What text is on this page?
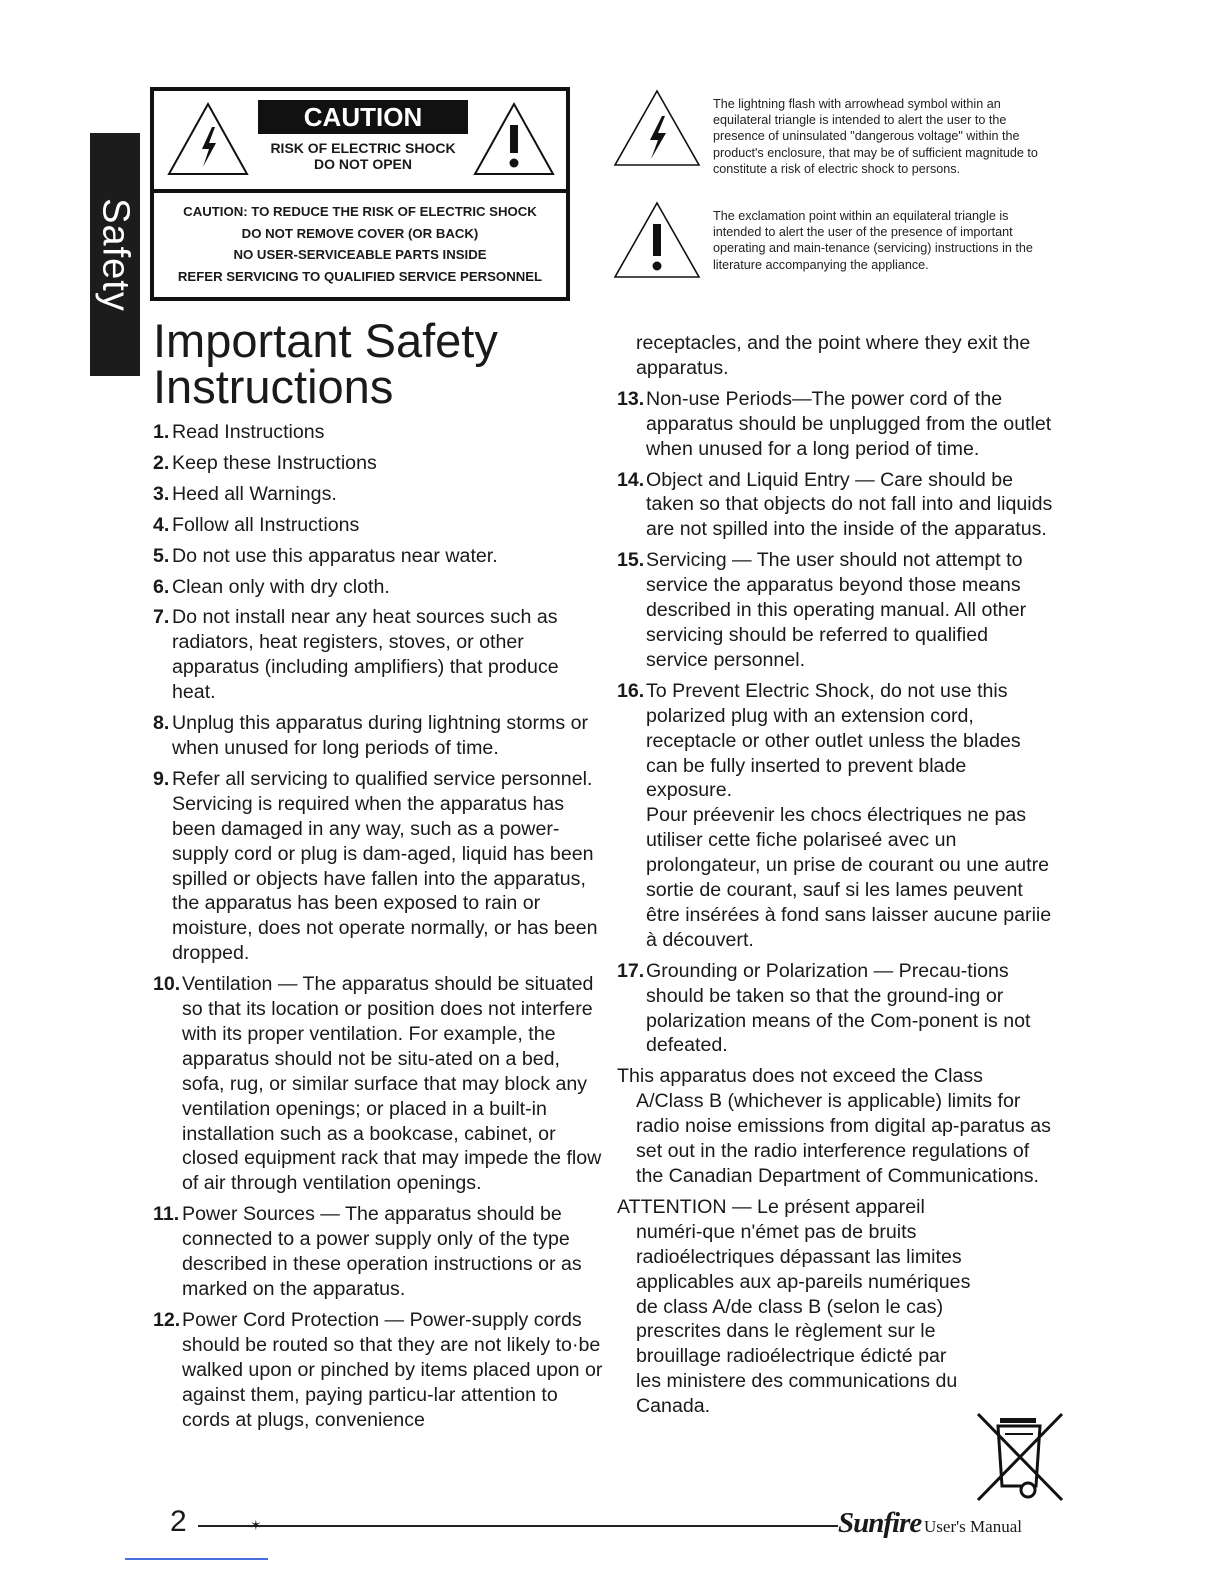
Safety
CAUTION
RISK OF ELECTRIC SHOCK
DO NOT OPEN
CAUTION: TO REDUCE THE RISK OF ELECTRIC SHOCK
DO NOT REMOVE COVER (OR BACK)
NO USER-SERVICEABLE PARTS INSIDE
REFER SERVICING TO QUALIFIED SERVICE PERSONNEL
The lightning flash with arrowhead symbol within an equilateral triangle is intended to alert the user to the presence of uninsulated "dangerous voltage" within the product's enclosure, that may be of sufficient magnitude to constitute a risk of electric shock to persons.
The exclamation point within an equilateral triangle is intended to alert the user of the presence of important operating and main-tenance (servicing) instructions in the literature accompanying the appliance.
Important Safety Instructions
1. Read Instructions
2. Keep these Instructions
3. Heed all Warnings.
4. Follow all Instructions
5. Do not use this apparatus near water.
6. Clean only with dry cloth.
7. Do not install near any heat sources such as radiators, heat registers, stoves, or other apparatus (including amplifiers) that produce heat.
8. Unplug this apparatus during lightning storms or when unused for long periods of time.
9. Refer all servicing to qualified service personnel. Servicing is required when the apparatus has been damaged in any way, such as a power-supply cord or plug is dam-aged, liquid has been spilled or objects have fallen into the apparatus, the apparatus has been exposed to rain or moisture, does not operate normally, or has been dropped.
10. Ventilation — The apparatus should be situated so that its location or position does not interfere with its proper ventilation. For example, the apparatus should not be situ-ated on a bed, sofa, rug, or similar surface that may block any ventilation openings; or placed in a built-in installation such as a bookcase, cabinet, or closed equipment rack that may impede the flow of air through ventilation openings.
11. Power Sources — The apparatus should be connected to a power supply only of the type described in these operation instructions or as marked on the apparatus.
12. Power Cord Protection — Power-supply cords should be routed so that they are not likely to·be walked upon or pinched by items placed upon or against them, paying particu-lar attention to cords at plugs, convenience
receptacles, and the point where they exit the apparatus.
13. Non-use Periods—The power cord of the apparatus should be unplugged from the outlet when unused for a long period of time.
14. Object and Liquid Entry — Care should be taken so that objects do not fall into and liquids are not spilled into the inside of the apparatus.
15. Servicing — The user should not attempt to service the apparatus beyond those means described in this operating manual. All other servicing should be referred to qualified service personnel.
16. To Prevent Electric Shock, do not use this polarized plug with an extension cord, receptacle or other outlet unless the blades can be fully inserted to prevent blade exposure.
Pour préevenir les chocs électriques ne pas utiliser cette fiche polariseé avec un prolongateur, un prise de courant ou une autre sortie de courant, sauf si les lames peuvent être insérées à fond sans laisser aucune pariie à découvert.
17. Grounding or Polarization — Precau-tions should be taken so that the ground-ing or polarization means of the Com-ponent is not defeated.
This apparatus does not exceed the Class A/Class B (whichever is applicable) limits for radio noise emissions from digital ap-paratus as set out in the radio interference regulations of the Canadian Department of Communications.
ATTENTION — Le présent appareil numéri-que n'émet pas de bruits radioélectriques dépassant las limites applicables aux ap-pareils numériques de class A/de class B (selon le cas) prescrites dans le règlement sur le brouillage radioélectrique édicté par les ministere des communications du Canada.
2	✶	Sunfire User's Manual
